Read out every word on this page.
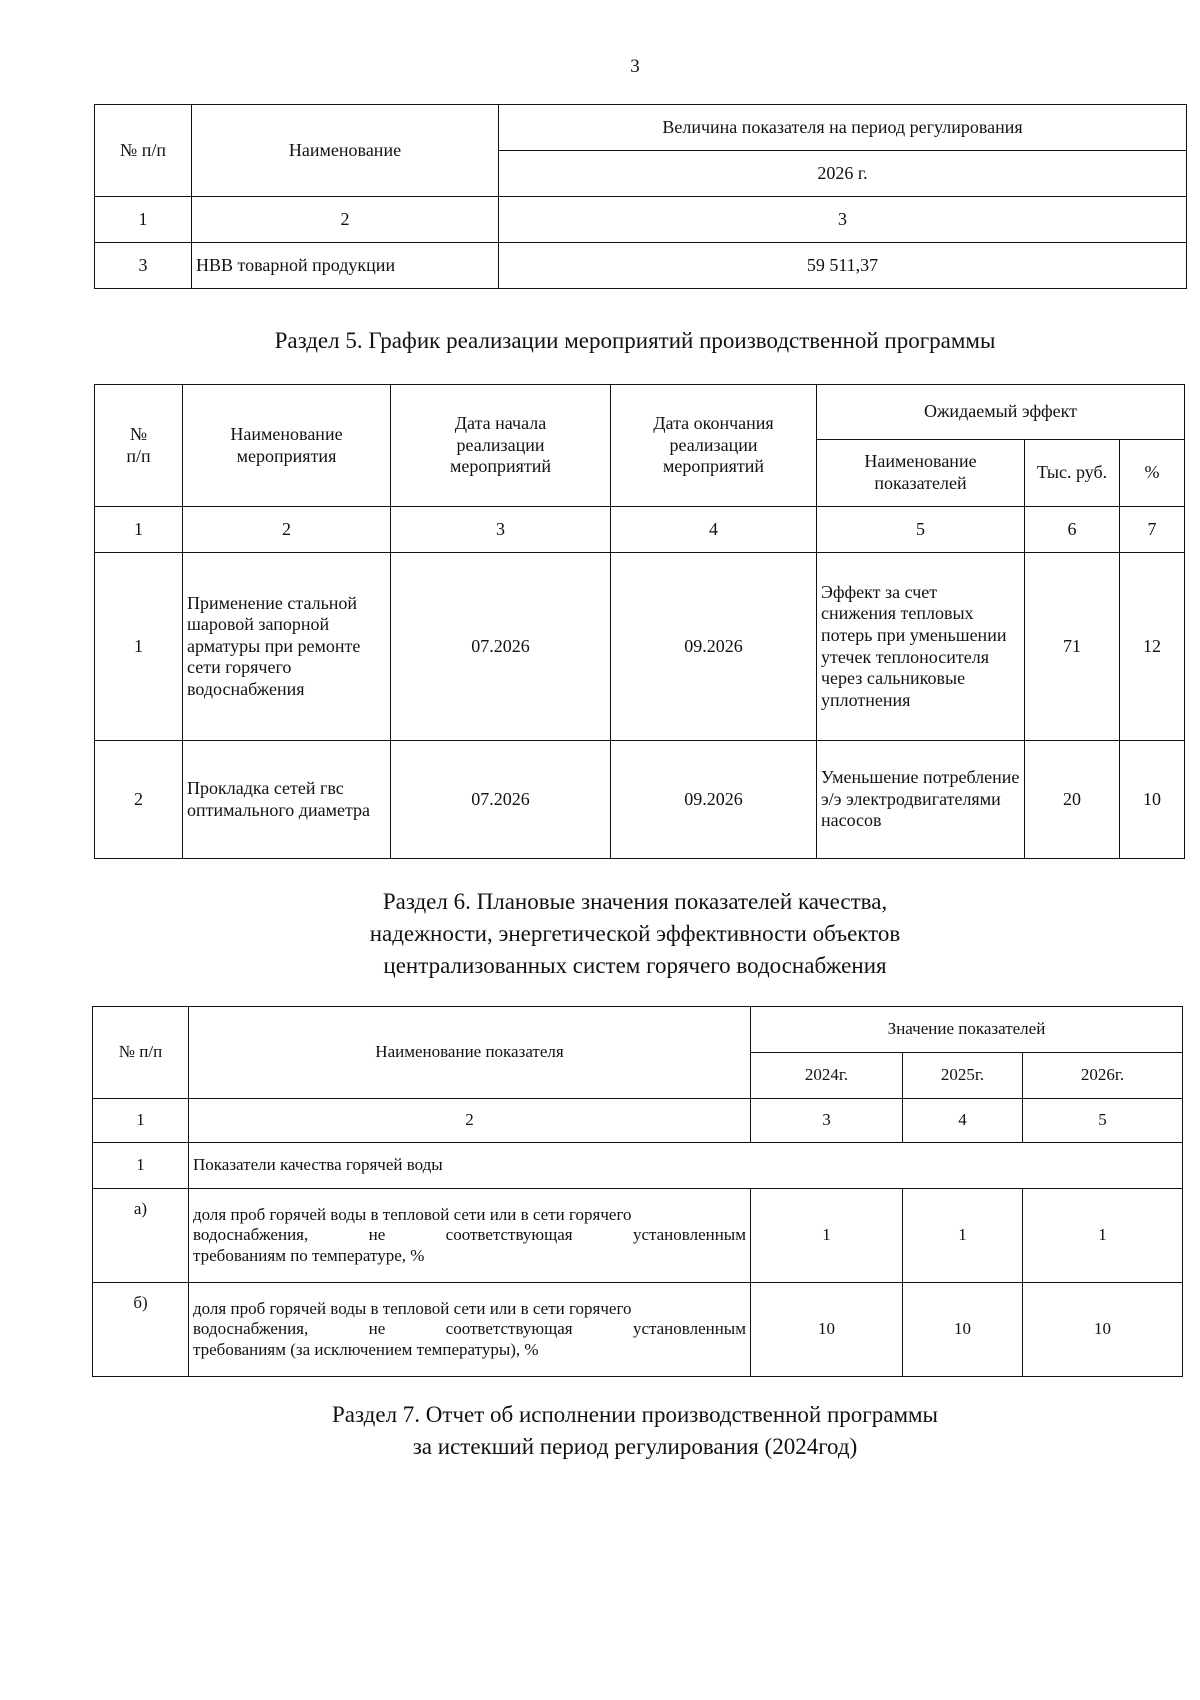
3
№ п/п	Наименование	Величина показателя на период регулирования
		2026 г.
1	2	3
3	НВВ товарной продукции	59 511,37
Раздел 5. График реализации мероприятий производственной программы
№ п/п	Наименование мероприятия	Дата начала реализации мероприятий	Дата окончания реализации мероприятий	Ожидаемый эффект		
				Наименование показателей	Тыс. руб.	%
1	2	3	4	5	6	7
1	Применение стальной шаровой запорной арматуры при ремонте сети горячего водоснабжения	07.2026	09.2026	Эффект за счет снижения тепловых потерь при уменьшении утечек теплоносителя через сальниковые уплотнения	71	12
2	Прокладка сетей гвс оптимального диаметра	07.2026	09.2026	Уменьшение потребление э/э электродвигателями насосов	20	10
Раздел 6. Плановые значения показателей качества,
надежности, энергетической эффективности объектов
централизованных систем горячего водоснабжения
№ п/п	Наименование показателя	Значение показателей		
		2024г.	2025г.	2026г.
1	2	3	4	5
1	Показатели качества горячей воды			
а)	доля проб горячей воды в тепловой сети или в сети горячего
водоснабжения, не соответствующая установленным
требованиям по температуре, %	1	1	1
б)	доля проб горячей воды в тепловой сети или в сети горячего
водоснабжения, не соответствующая установленным
требованиям (за исключением температуры), %	10	10	10
Раздел 7. Отчет об исполнении производственной программы
за истекший период регулирования (2024год)
